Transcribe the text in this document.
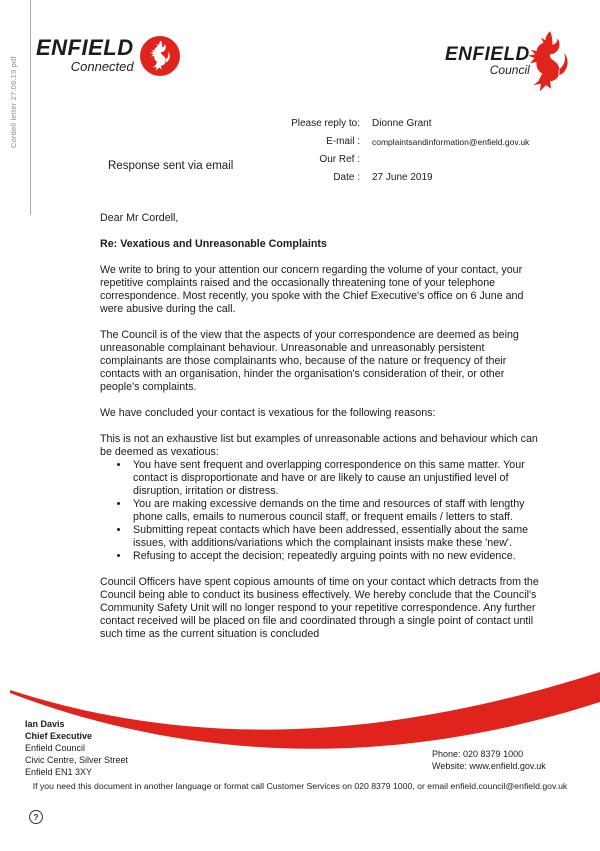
Cordell letter 27.06.19 pdf
ENFIELD
Connected
ENFIELD
Council
Please reply to:	Dionne Grant
E-mail :	complaintsandinformation@enfield.gov.uk
Our Ref :	
Date :	27 June 2019
Response sent via email

Dear Mr Cordell,

Re: Vexatious and Unreasonable Complaints

We write to bring to your attention our concern regarding the volume of your contact, your repetitive complaints raised and the occasionally threatening tone of your telephone correspondence. Most recently, you spoke with the Chief Executive's office on 6 June and were abusive during the call.

The Council is of the view that the aspects of your correspondence are deemed as being unreasonable complainant behaviour. Unreasonable and unreasonably persistent complainants are those complainants who, because of the nature or frequency of their contacts with an organisation, hinder the organisation's consideration of their, or other people's complaints.

We have concluded your contact is vexatious for the following reasons:

This is not an exhaustive list but examples of unreasonable actions and behaviour which can be deemed as vexatious:

• You have sent frequent and overlapping correspondence on this same matter. Your contact is disproportionate and have or are likely to cause an unjustified level of disruption, irritation or distress.
• You are making excessive demands on the time and resources of staff with lengthy phone calls, emails to numerous council staff, or frequent emails / letters to staff.
• Submitting repeat contacts which have been addressed, essentially about the same issues, with additions/variations which the complainant insists make these 'new'.
• Refusing to accept the decision; repeatedly arguing points with no new evidence.

Council Officers have spent copious amounts of time on your contact which detracts from the Council being able to conduct its business effectively. We hereby conclude that the Council's Community Safety Unit will no longer respond to your repetitive correspondence. Any further contact received will be placed on file and coordinated through a single point of contact until such time as the current situation is concluded

Ian Davis
Chief Executive
Enfield Council
Civic Centre, Silver Street
Enfield EN1 3XY
Phone: 020 8379 1000
Website: www.enfield.gov.uk
If you need this document in another language or format call Customer Services on 020 8379 1000, or email enfield.council@enfield.gov.uk
?
